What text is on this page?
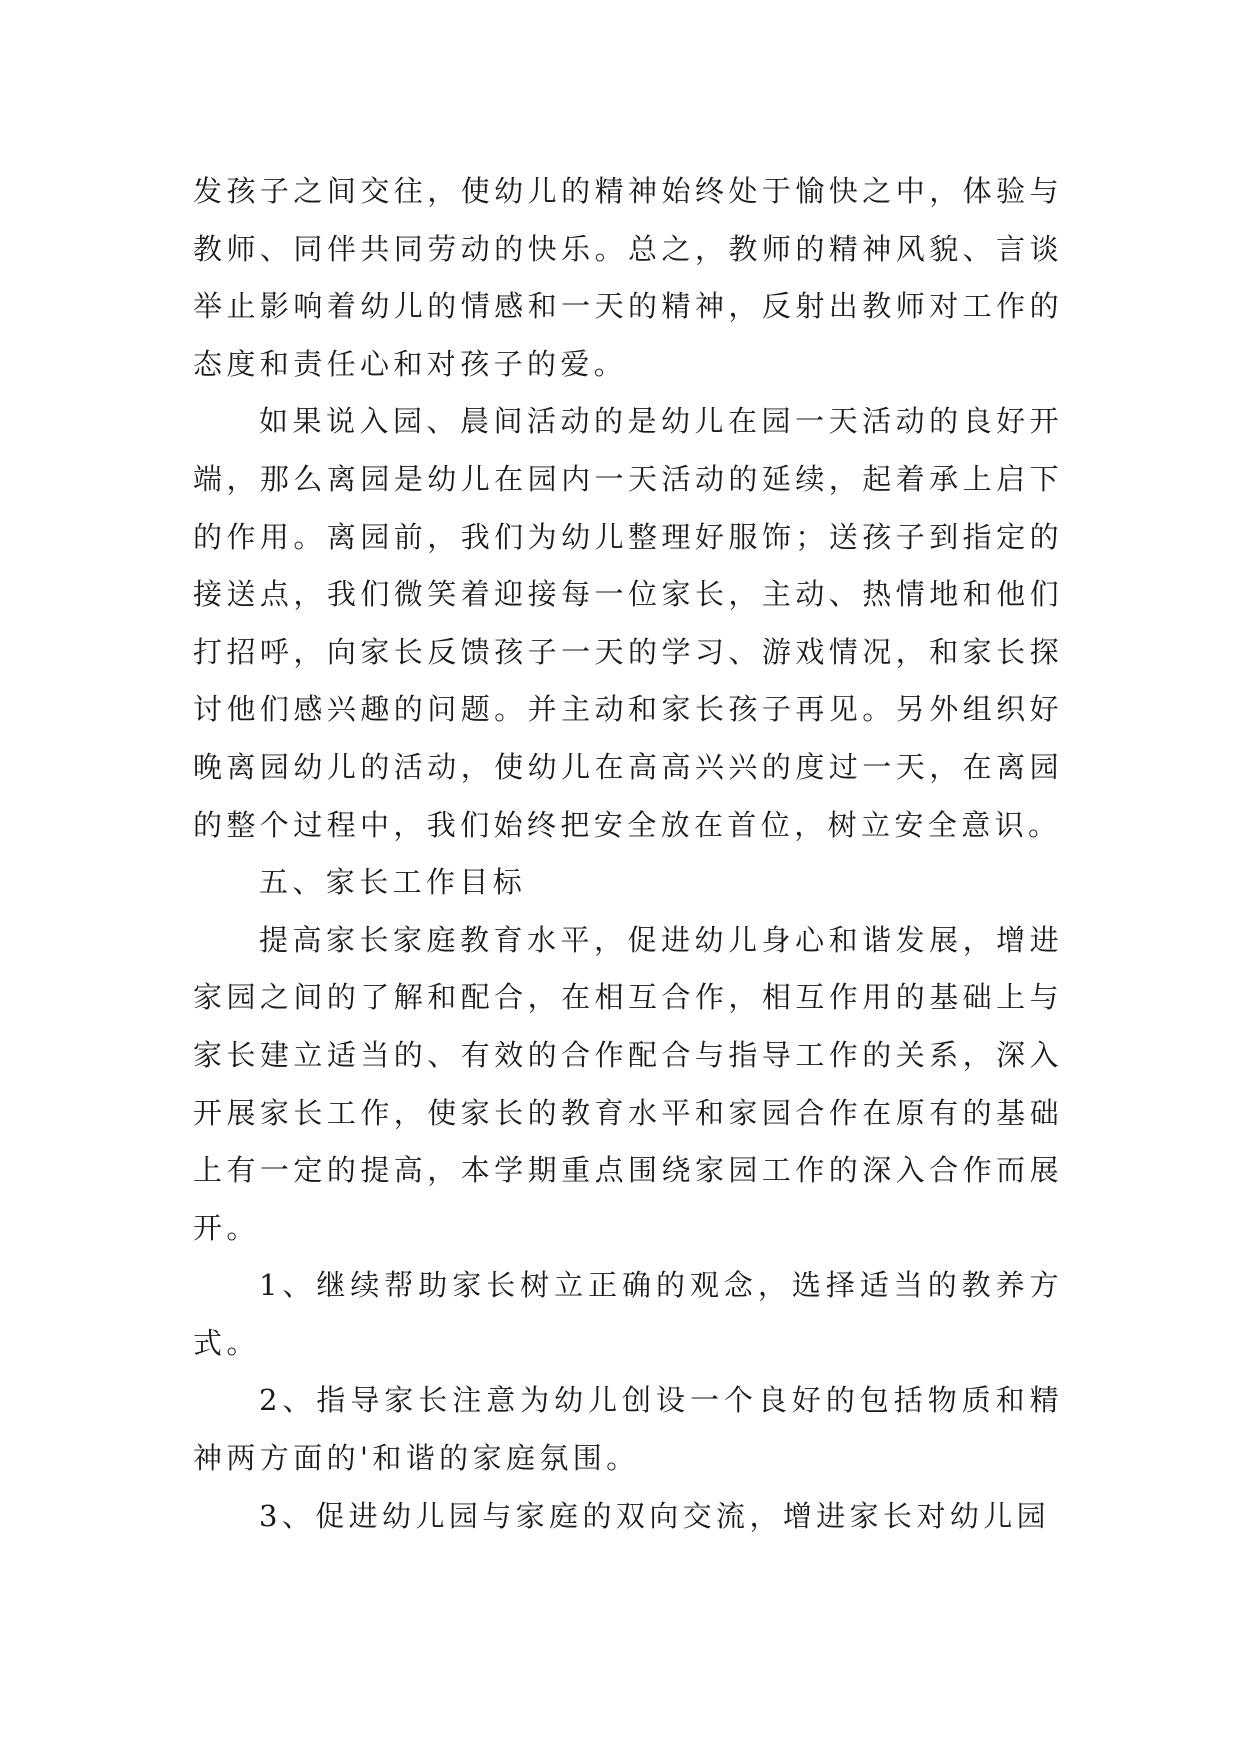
发孩子之间交往，使幼儿的精神始终处于愉快之中，体验与教师、同伴共同劳动的快乐。总之，教师的精神风貌、言谈举止影响着幼儿的情感和一天的精神，反射出教师对工作的态度和责任心和对孩子的爱。

如果说入园、晨间活动的是幼儿在园一天活动的良好开端，那么离园是幼儿在园内一天活动的延续，起着承上启下的作用。离园前，我们为幼儿整理好服饰；送孩子到指定的接送点，我们微笑着迎接每一位家长，主动、热情地和他们打招呼，向家长反馈孩子一天的学习、游戏情况，和家长探讨他们感兴趣的问题。并主动和家长孩子再见。另外组织好晚离园幼儿的活动，使幼儿在高高兴兴的度过一天，在离园的整个过程中，我们始终把安全放在首位，树立安全意识。

五、家长工作目标

提高家长家庭教育水平，促进幼儿身心和谐发展，增进家园之间的了解和配合，在相互合作，相互作用的基础上与家长建立适当的、有效的合作配合与指导工作的关系，深入开展家长工作，使家长的教育水平和家园合作在原有的基础上有一定的提高，本学期重点围绕家园工作的深入合作而展开。

1、继续帮助家长树立正确的观念，选择适当的教养方式。

2、指导家长注意为幼儿创设一个良好的包括物质和精神两方面的'和谐的家庭氛围。

3、促进幼儿园与家庭的双向交流，增进家长对幼儿园
